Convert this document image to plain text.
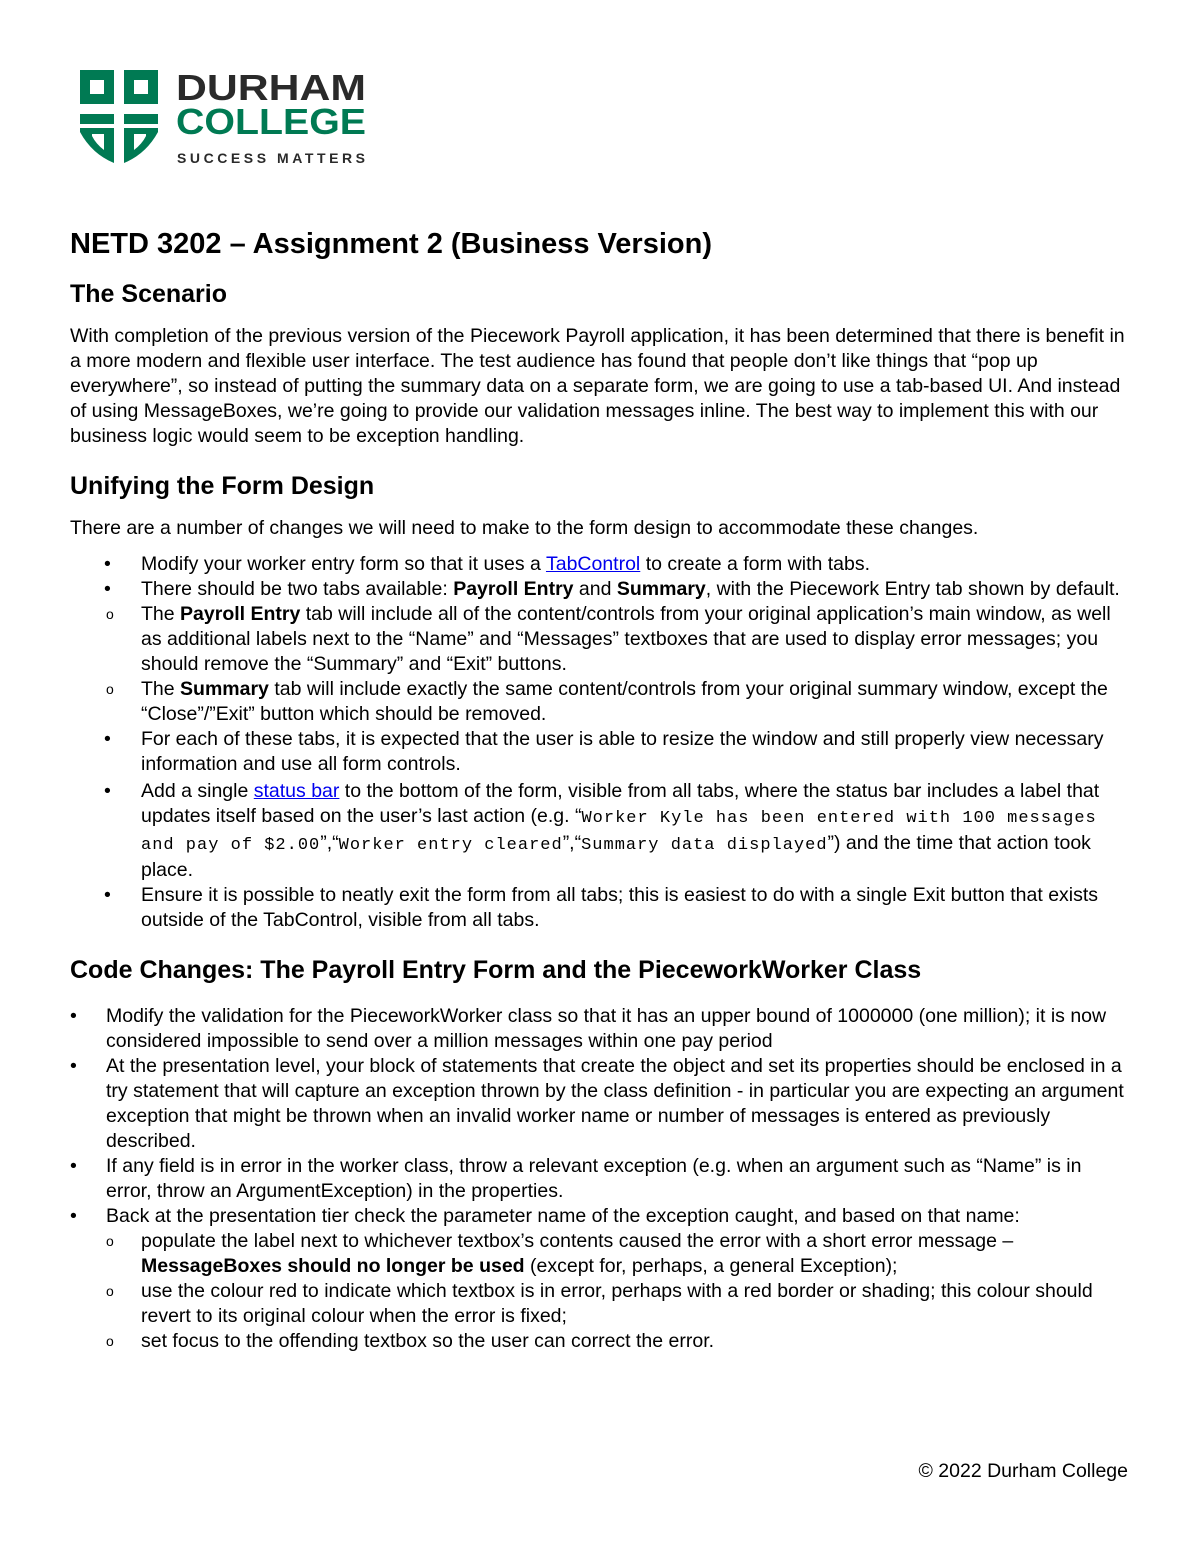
DURHAM
COLLEGE
SUCCESS MATTERS
NETD 3202 – Assignment 2 (Business Version)
The Scenario

With completion of the previous version of the Piecework Payroll application, it has been determined that there is benefit in a more modern and flexible user interface. The test audience has found that people don’t like things that “pop up everywhere”, so instead of putting the summary data on a separate form, we are going to use a tab-based UI. And instead of using MessageBoxes, we’re going to provide our validation messages inline. The best way to implement this with our business logic would seem to be exception handling.

Unifying the Form Design

There are a number of changes we will need to make to the form design to accommodate these changes.

•	Modify your worker entry form so that it uses a TabControl to create a form with tabs.
•	There should be two tabs available: Payroll Entry and Summary, with the Piecework Entry tab shown by default.
o The Payroll Entry tab will include all of the content/controls from your original application’s main window, as well as additional labels next to the “Name” and “Messages” textboxes that are used to display error messages; you should remove the “Summary” and “Exit” buttons.
o The Summary tab will include exactly the same content/controls from your original summary window, except the “Close”/”Exit” button which should be removed.
•	For each of these tabs, it is expected that the user is able to resize the window and still properly view necessary information and use all form controls.
•	Add a single status bar to the bottom of the form, visible from all tabs, where the status bar includes a label that updates itself based on the user’s last action (e.g. “Worker Kyle has been entered with 100 messages and pay of $2.00”,“Worker entry cleared”,“Summary data displayed”) and the time that action took place.
•	Ensure it is possible to neatly exit the form from all tabs; this is easiest to do with a single Exit button that exists outside of the TabControl, visible from all tabs.
Code Changes: The Payroll Entry Form and the PieceworkWorker Class
•	Modify the validation for the PieceworkWorker class so that it has an upper bound of 1000000 (one million); it is now considered impossible to send over a million messages within one pay period
•	At the presentation level, your block of statements that create the object and set its properties should be enclosed in a try statement that will capture an exception thrown by the class definition - in particular you are expecting an argument exception that might be thrown when an invalid worker name or number of messages is entered as previously described.
•	If any field is in error in the worker class, throw a relevant exception (e.g. when an argument such as “Name” is in error, throw an ArgumentException) in the properties.
•	Back at the presentation tier check the parameter name of the exception caught, and based on that name:
o populate the label next to whichever textbox’s contents caused the error with a short error message – MessageBoxes should no longer be used (except for, perhaps, a general Exception);
o use the colour red to indicate which textbox is in error, perhaps with a red border or shading; this colour should revert to its original colour when the error is fixed;
o set focus to the offending textbox so the user can correct the error.
© 2022 Durham College
